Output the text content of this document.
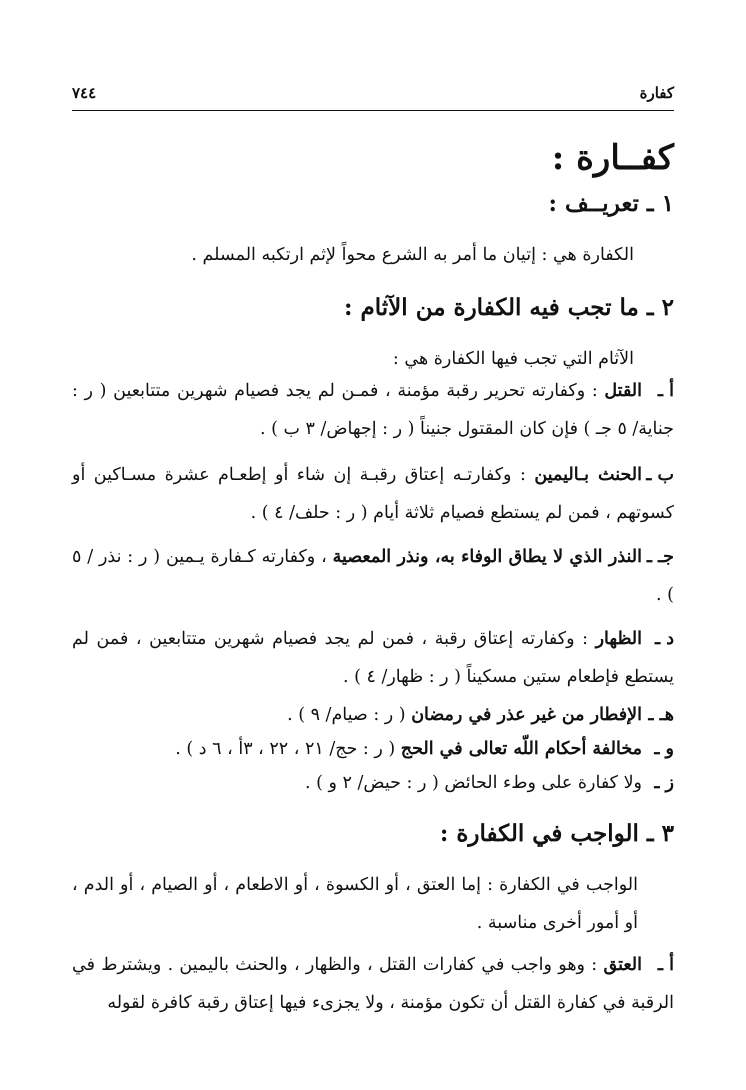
كفارة
٧٤٤
كفــارة :
١ ـ تعريــف :
الكفارة هي : إتيان ما أمر به الشرع محواً لإثم ارتكبه المسلم .
٢ ـ ما تجب فيه الكفارة من الآثام :
الآثام التي تجب فيها الكفارة هي :
أ ـالقتل : وكفارته تحرير رقبة مؤمنة ، فمـن لم يجد فصيام شهرين متتابعين ( ر : جناية/ ٥ جـ ) فإن كان المقتول جنيناً ( ر : إجهاض/ ٣ ب ) .
ب ـالحنث بـاليمين : وكفارتـه إعتاق رقبـة إن شاء أو إطعـام عشرة مسـاكين أو كسوتهم ، فمن لم يستطع فصيام ثلاثة أيام ( ر : حلف/ ٤ ) .
جـ ـالنذر الذي لا يطاق الوفاء به، ونذر المعصية ، وكفارته كـفارة يـمين ( ر : نذر / ٥ ) .
د ـالظهار : وكفارته إعتاق رقبة ، فمن لم يجد فصيام شهرين متتابعين ، فمن لم يستطع فإطعام ستين مسكيناً ( ر : ظهار/ ٤ ) .
هـ ـالإفطار من غير عذر في رمضان ( ر : صيام/ ٩ ) .
و ـمخالفة أحكام اللّه تعالى في الحج ( ر : حج/ ٢١ ، ٢٢ ، ٣أ ، ٦ د ) .
ز ـولا كفارة على وطء الحائض ( ر : حيض/ ٢ و ) .
٣ ـ الواجب في الكفارة :
الواجب في الكفارة : إما العتق ، أو الكسوة ، أو الاطعام ، أو الصيام ، أو الدم ، أو أمور أخرى مناسبة .
أ ـالعتق : وهو واجب في كفارات القتل ، والظهار ، والحنث باليمين . ويشترط في الرقبة في كفارة القتل أن تكون مؤمنة ، ولا يجزىء فيها إعتاق رقبة كافرة لقوله
